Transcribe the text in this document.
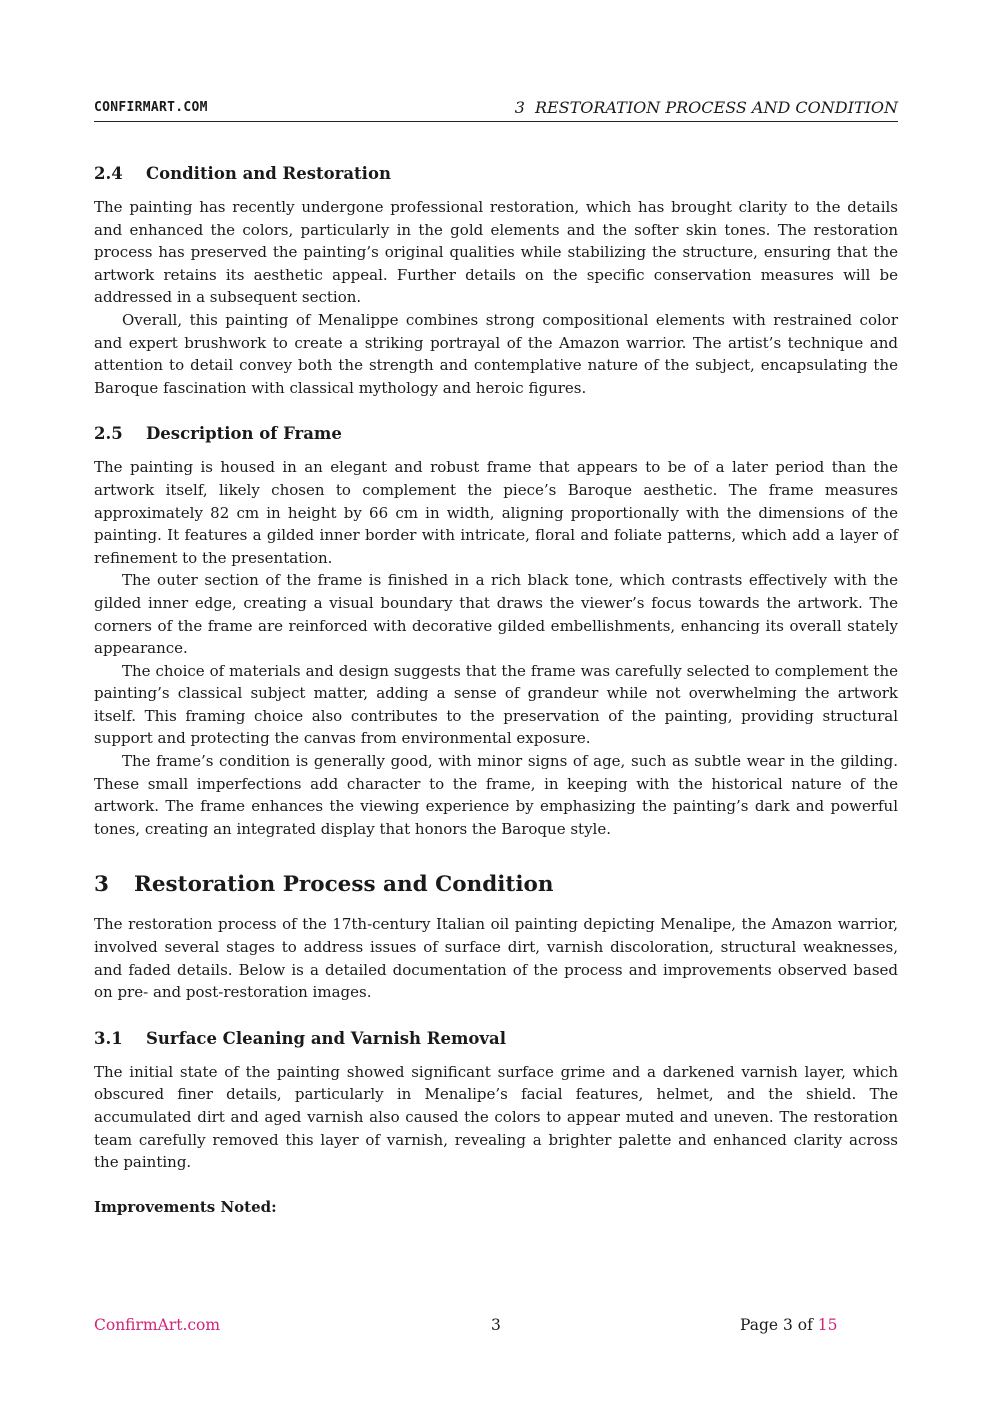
CONFIRMART.COM	3 RESTORATION PROCESS AND CONDITION
2.4 Condition and Restoration

The painting has recently undergone professional restoration, which has brought clarity to the details and enhanced the colors, particularly in the gold elements and the softer skin tones. The restoration process has preserved the painting’s original qualities while stabilizing the structure, ensuring that the artwork retains its aesthetic appeal. Further details on the specific conservation measures will be addressed in a subsequent section.

Overall, this painting of Menalippe combines strong compositional elements with restrained color and expert brushwork to create a striking portrayal of the Amazon warrior. The artist’s technique and attention to detail convey both the strength and contemplative nature of the subject, encapsulating the Baroque fascination with classical mythology and heroic figures.

2.5 Description of Frame

The painting is housed in an elegant and robust frame that appears to be of a later period than the artwork itself, likely chosen to complement the piece’s Baroque aesthetic. The frame measures approximately 82 cm in height by 66 cm in width, aligning proportionally with the dimensions of the painting. It features a gilded inner border with intricate, floral and foliate patterns, which add a layer of refinement to the presentation.

The outer section of the frame is finished in a rich black tone, which contrasts effectively with the gilded inner edge, creating a visual boundary that draws the viewer’s focus towards the artwork. The corners of the frame are reinforced with decorative gilded embellishments, enhancing its overall stately appearance.

The choice of materials and design suggests that the frame was carefully selected to complement the painting’s classical subject matter, adding a sense of grandeur while not overwhelming the artwork itself. This framing choice also contributes to the preservation of the painting, providing structural support and protecting the canvas from environmental exposure.

The frame’s condition is generally good, with minor signs of age, such as subtle wear in the gilding. These small imperfections add character to the frame, in keeping with the historical nature of the artwork. The frame enhances the viewing experience by emphasizing the painting’s dark and powerful tones, creating an integrated display that honors the Baroque style.

3 Restoration Process and Condition

The restoration process of the 17th-century Italian oil painting depicting Menalipe, the Amazon warrior, involved several stages to address issues of surface dirt, varnish discoloration, structural weaknesses, and faded details. Below is a detailed documentation of the process and improvements observed based on pre- and post-restoration images.

3.1 Surface Cleaning and Varnish Removal

The initial state of the painting showed significant surface grime and a darkened varnish layer, which obscured finer details, particularly in Menalipe’s facial features, helmet, and the shield. The accumulated dirt and aged varnish also caused the colors to appear muted and uneven. The restoration team carefully removed this layer of varnish, revealing a brighter palette and enhanced clarity across the painting.

Improvements Noted:
ConfirmArt.com	3	Page 3 of 15
